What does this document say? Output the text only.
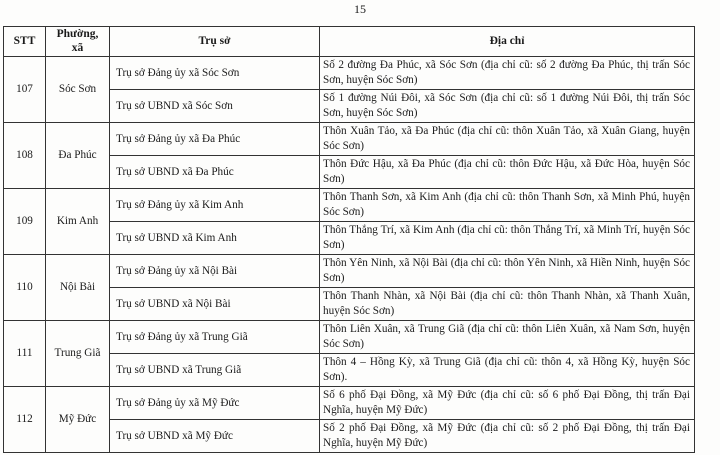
15
STT	Phường, xã	Trụ sở	Địa chỉ
107	Sóc Sơn	Trụ sở Đảng ủy xã Sóc Sơn	Số 2 đường Đa Phúc, xã Sóc Sơn (địa chỉ cũ: số 2 đường Đa Phúc, thị trấn Sóc Sơn, huyện Sóc Sơn)
		Trụ sở UBND xã Sóc Sơn	Số 1 đường Núi Đôi, xã Sóc Sơn (địa chỉ cũ: số 1 đường Núi Đôi, thị trấn Sóc Sơn, huyện Sóc Sơn)
108	Đa Phúc	Trụ sở Đảng ủy xã Đa Phúc	Thôn Xuân Tảo, xã Đa Phúc (địa chỉ cũ: thôn Xuân Tảo, xã Xuân Giang, huyện Sóc Sơn)
		Trụ sở UBND xã Đa Phúc	Thôn Đức Hậu, xã Đa Phúc (địa chỉ cũ: thôn Đức Hậu, xã Đức Hòa, huyện Sóc Sơn)
109	Kim Anh	Trụ sở Đảng ủy xã Kim Anh	Thôn Thanh Sơn, xã Kim Anh (địa chỉ cũ: thôn Thanh Sơn, xã Minh Phú, huyện Sóc Sơn)
		Trụ sở UBND xã Kim Anh	Thôn Thắng Trí, xã Kim Anh (địa chỉ cũ: thôn Thắng Trí, xã Minh Trí, huyện Sóc Sơn)
110	Nội Bài	Trụ sở Đảng ủy xã Nội Bài	Thôn Yên Ninh, xã Nội Bài (địa chỉ cũ: thôn Yên Ninh, xã Hiền Ninh, huyện Sóc Sơn)
		Trụ sở UBND xã Nội Bài	Thôn Thanh Nhàn, xã Nội Bài (địa chỉ cũ: thôn Thanh Nhàn, xã Thanh Xuân, huyện Sóc Sơn)
111	Trung Giã	Trụ sở Đảng ủy xã Trung Giã	Thôn Liên Xuân, xã Trung Giã (địa chỉ cũ: thôn Liên Xuân, xã Nam Sơn, huyện Sóc Sơn)
		Trụ sở UBND xã Trung Giã	Thôn 4 – Hồng Kỳ, xã Trung Giã (địa chỉ cũ: thôn 4, xã Hồng Kỳ, huyện Sóc Sơn).
112	Mỹ Đức	Trụ sở Đảng ủy xã Mỹ Đức	Số 6 phố Đại Đồng, xã Mỹ Đức (địa chỉ cũ: số 6 phố Đại Đồng, thị trấn Đại Nghĩa, huyện Mỹ Đức)
		Trụ sở UBND xã Mỹ Đức	Số 2 phố Đại Đồng, xã Mỹ Đức (địa chỉ cũ: số 2 phố Đại Đồng, thị trấn Đại Nghĩa, huyện Mỹ Đức)
